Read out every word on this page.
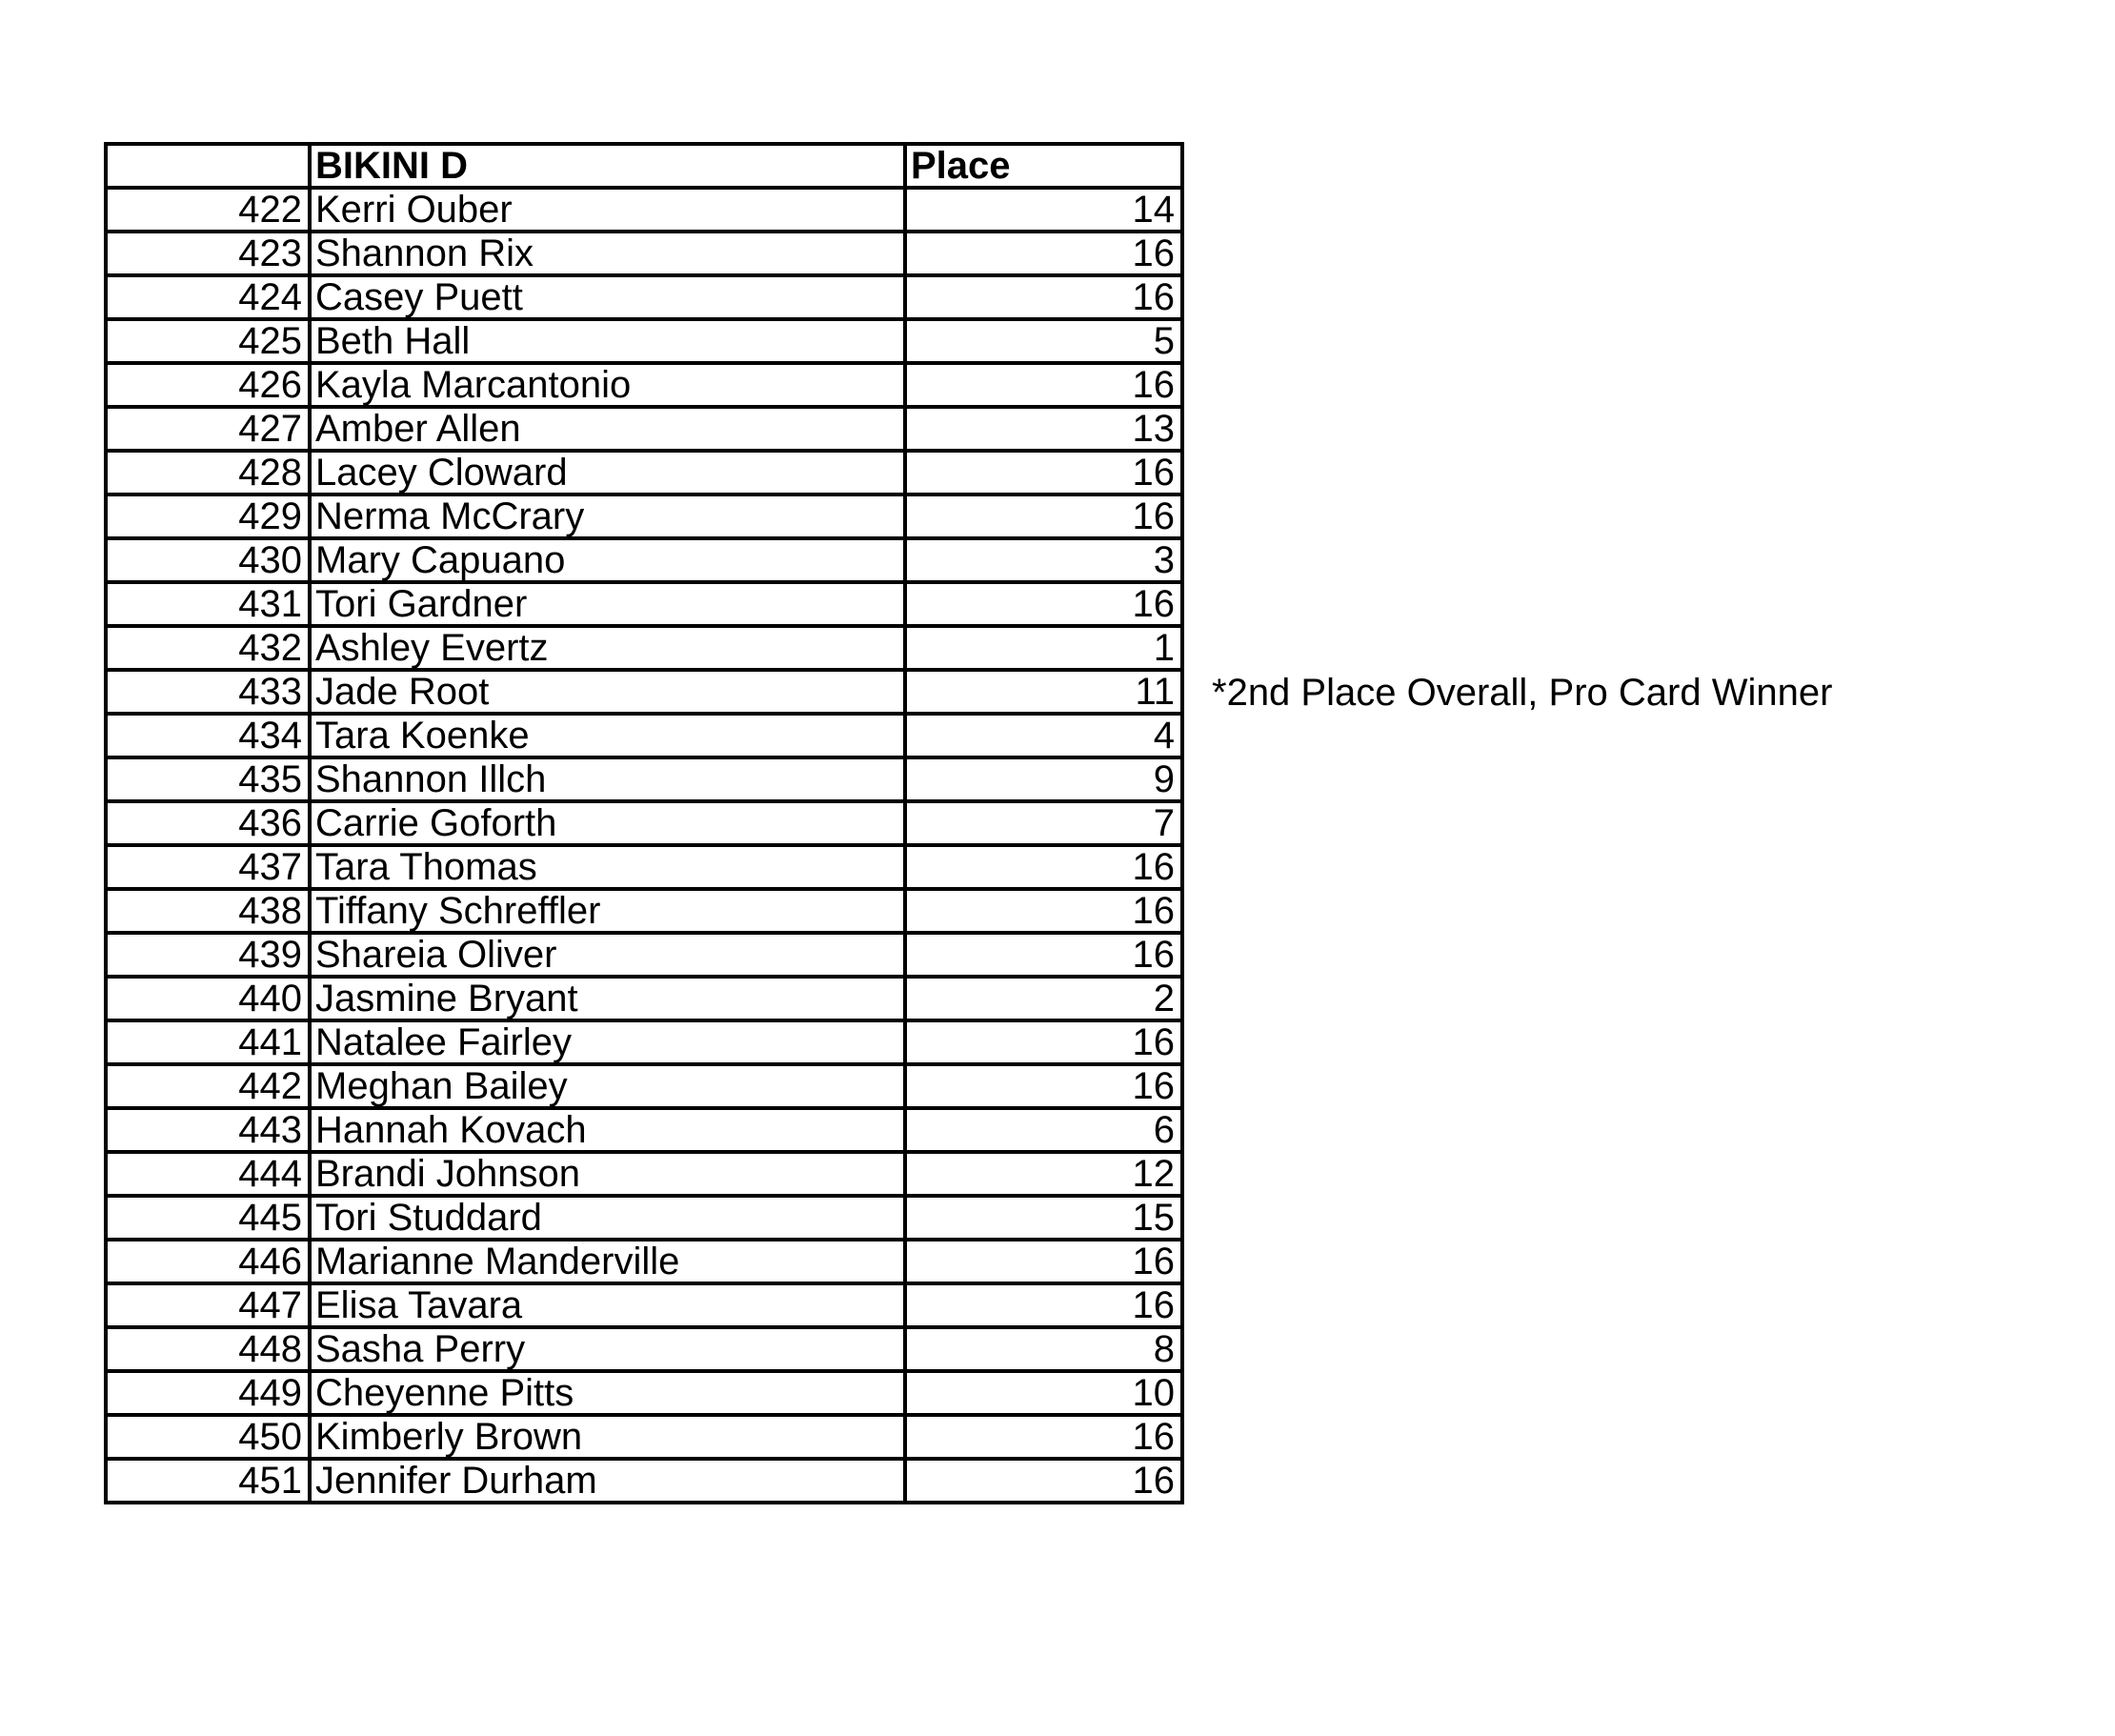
	BIKINI D	Place
422	Kerri Ouber	14
423	Shannon Rix	16
424	Casey Puett	16
425	Beth Hall	5
426	Kayla Marcantonio	16
427	Amber Allen	13
428	Lacey Cloward	16
429	Nerma McCrary	16
430	Mary Capuano	3
431	Tori Gardner	16
432	Ashley Evertz	1
433	Jade Root	11
434	Tara Koenke	4
435	Shannon Illch	9
436	Carrie Goforth	7
437	Tara Thomas	16
438	Tiffany Schreffler	16
439	Shareia Oliver	16
440	Jasmine Bryant	2
441	Natalee Fairley	16
442	Meghan Bailey	16
443	Hannah Kovach	6
444	Brandi Johnson	12
445	Tori Studdard	15
446	Marianne Manderville	16
447	Elisa Tavara	16
448	Sasha Perry	8
449	Cheyenne Pitts	10
450	Kimberly Brown	16
451	Jennifer Durham	16
*2nd Place Overall, Pro Card Winner
